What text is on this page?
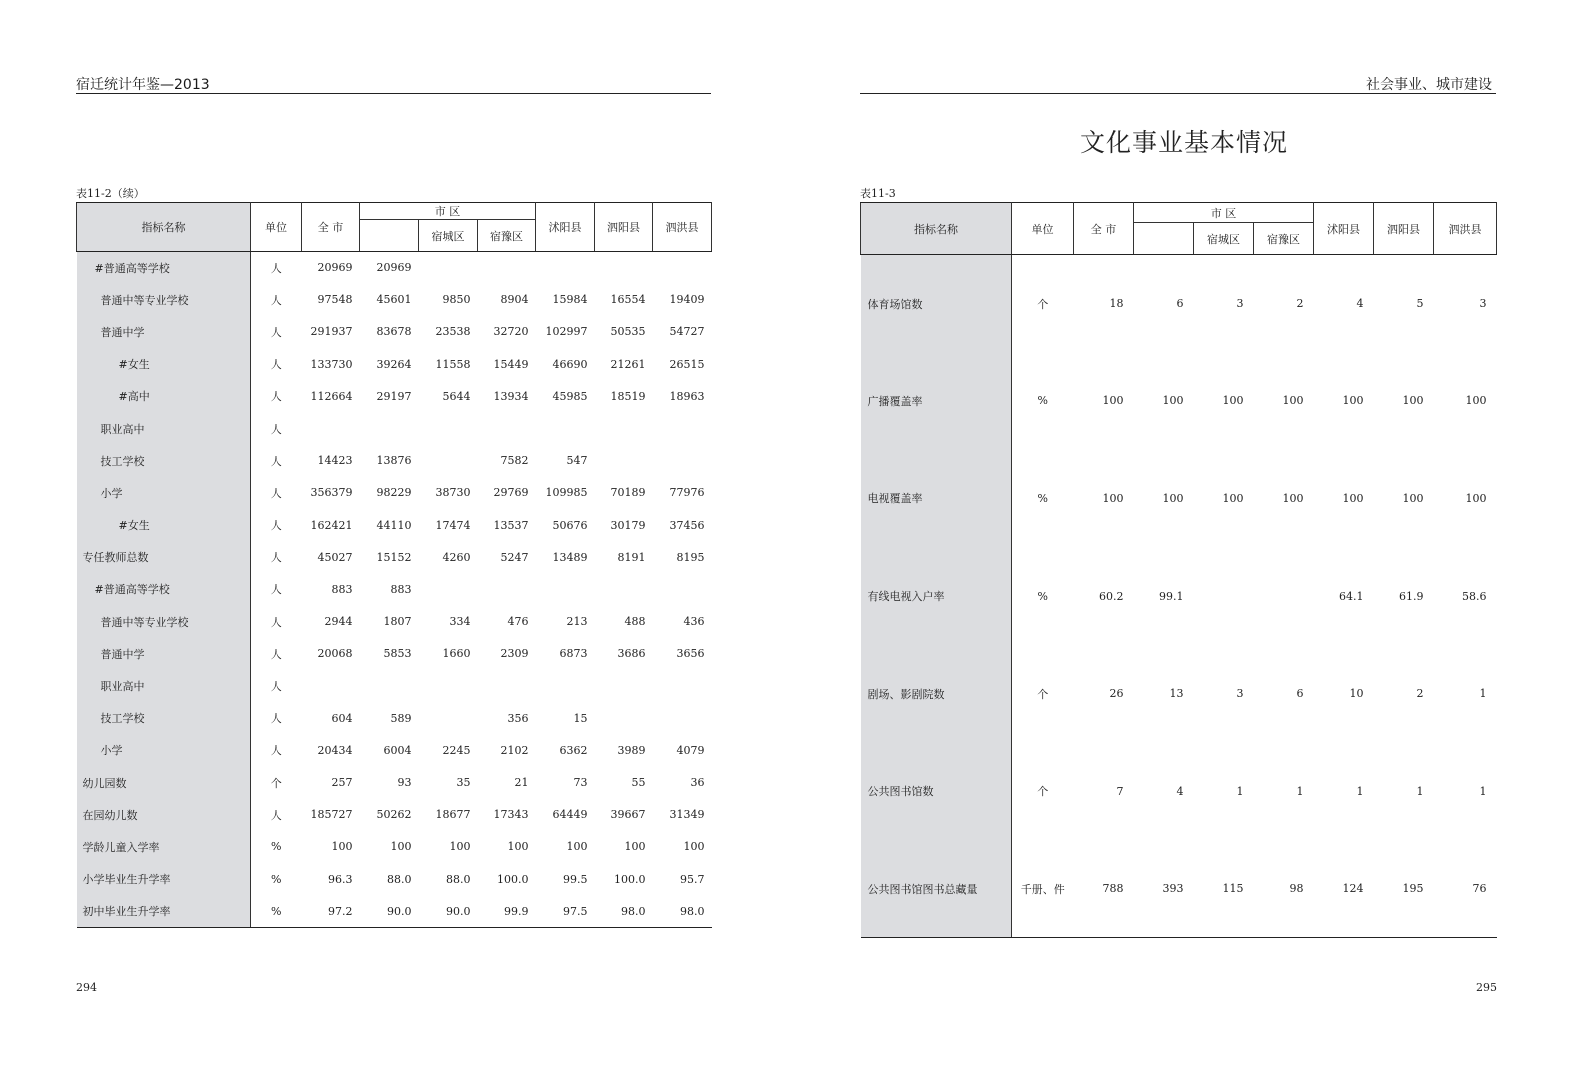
宿迁统计年鉴—2013
表11-2（续）
指标名称	单位	全 市	市 区			沭阳县	泗阳县	泗洪县
				宿城区	宿豫区			
#普通高等学校	人	20969	20969					
普通中等专业学校	人	97548	45601	9850	8904	15984	16554	19409
普通中学	人	291937	83678	23538	32720	102997	50535	54727
#女生	人	133730	39264	11558	15449	46690	21261	26515
#高中	人	112664	29197	5644	13934	45985	18519	18963
职业高中	人							
技工学校	人	14423	13876		7582	547		
小学	人	356379	98229	38730	29769	109985	70189	77976
#女生	人	162421	44110	17474	13537	50676	30179	37456
专任教师总数	人	45027	15152	4260	5247	13489	8191	8195
#普通高等学校	人	883	883					
普通中等专业学校	人	2944	1807	334	476	213	488	436
普通中学	人	20068	5853	1660	2309	6873	3686	3656
职业高中	人							
技工学校	人	604	589		356	15		
小学	人	20434	6004	2245	2102	6362	3989	4079
幼儿园数	个	257	93	35	21	73	55	36
在园幼儿数	人	185727	50262	18677	17343	64449	39667	31349
学龄儿童入学率	%	100	100	100	100	100	100	100
小学毕业生升学率	%	96.3	88.0	88.0	100.0	99.5	100.0	95.7
初中毕业生升学率	%	97.2	90.0	90.0	99.9	97.5	98.0	98.0
294
社会事业、城市建设
文化事业基本情况
表11-3
指标名称	单位	全 市	市 区			沭阳县	泗阳县	泗洪县
				宿城区	宿豫区			
体育场馆数	个	18	6	3	2	4	5	3
广播覆盖率	%	100	100	100	100	100	100	100
电视覆盖率	%	100	100	100	100	100	100	100
有线电视入户率	%	60.2	99.1			64.1	61.9	58.6
剧场、影剧院数	个	26	13	3	6	10	2	1
公共图书馆数	个	7	4	1	1	1	1	1
公共图书馆图书总藏量	千册、件	788	393	115	98	124	195	76
295
